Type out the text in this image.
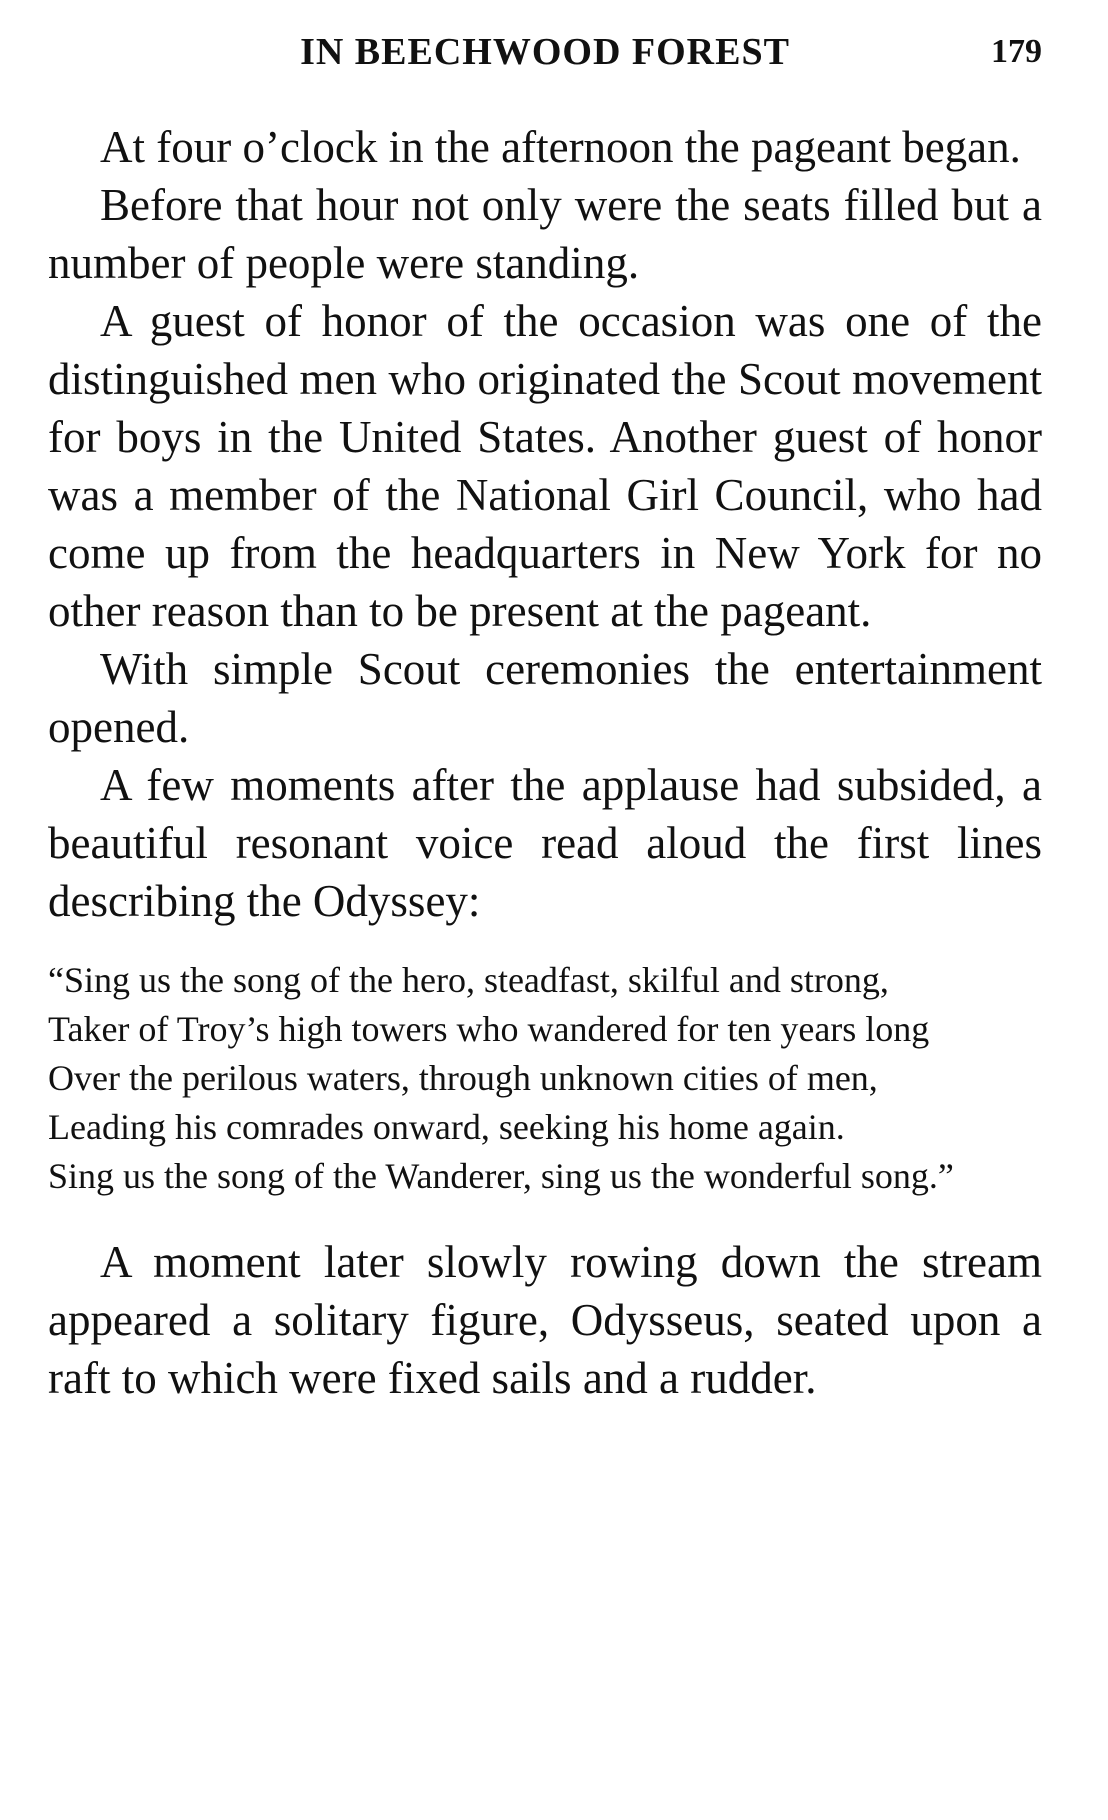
IN BEECHWOOD FOREST	179

At four o’clock in the afternoon the pageant began.

Before that hour not only were the seats filled but a number of people were standing.

A guest of honor of the occasion was one of the distinguished men who originated the Scout movement for boys in the United States. Another guest of honor was a member of the National Girl Council, who had come up from the headquarters in New York for no other reason than to be present at the pageant.

With simple Scout ceremonies the entertainment opened.

A few moments after the applause had subsided, a beautiful resonant voice read aloud the first lines describing the Odyssey:

“Sing us the song of the hero, steadfast, skilful and strong,

Taker of Troy’s high towers who wandered for ten years long

Over the perilous waters, through unknown cities of men,

Leading his comrades onward, seeking his home again.

Sing us the song of the Wanderer, sing us the wonderful song.”

A moment later slowly rowing down the stream appeared a solitary figure, Odysseus, seated upon a raft to which were fixed sails and a rudder.
